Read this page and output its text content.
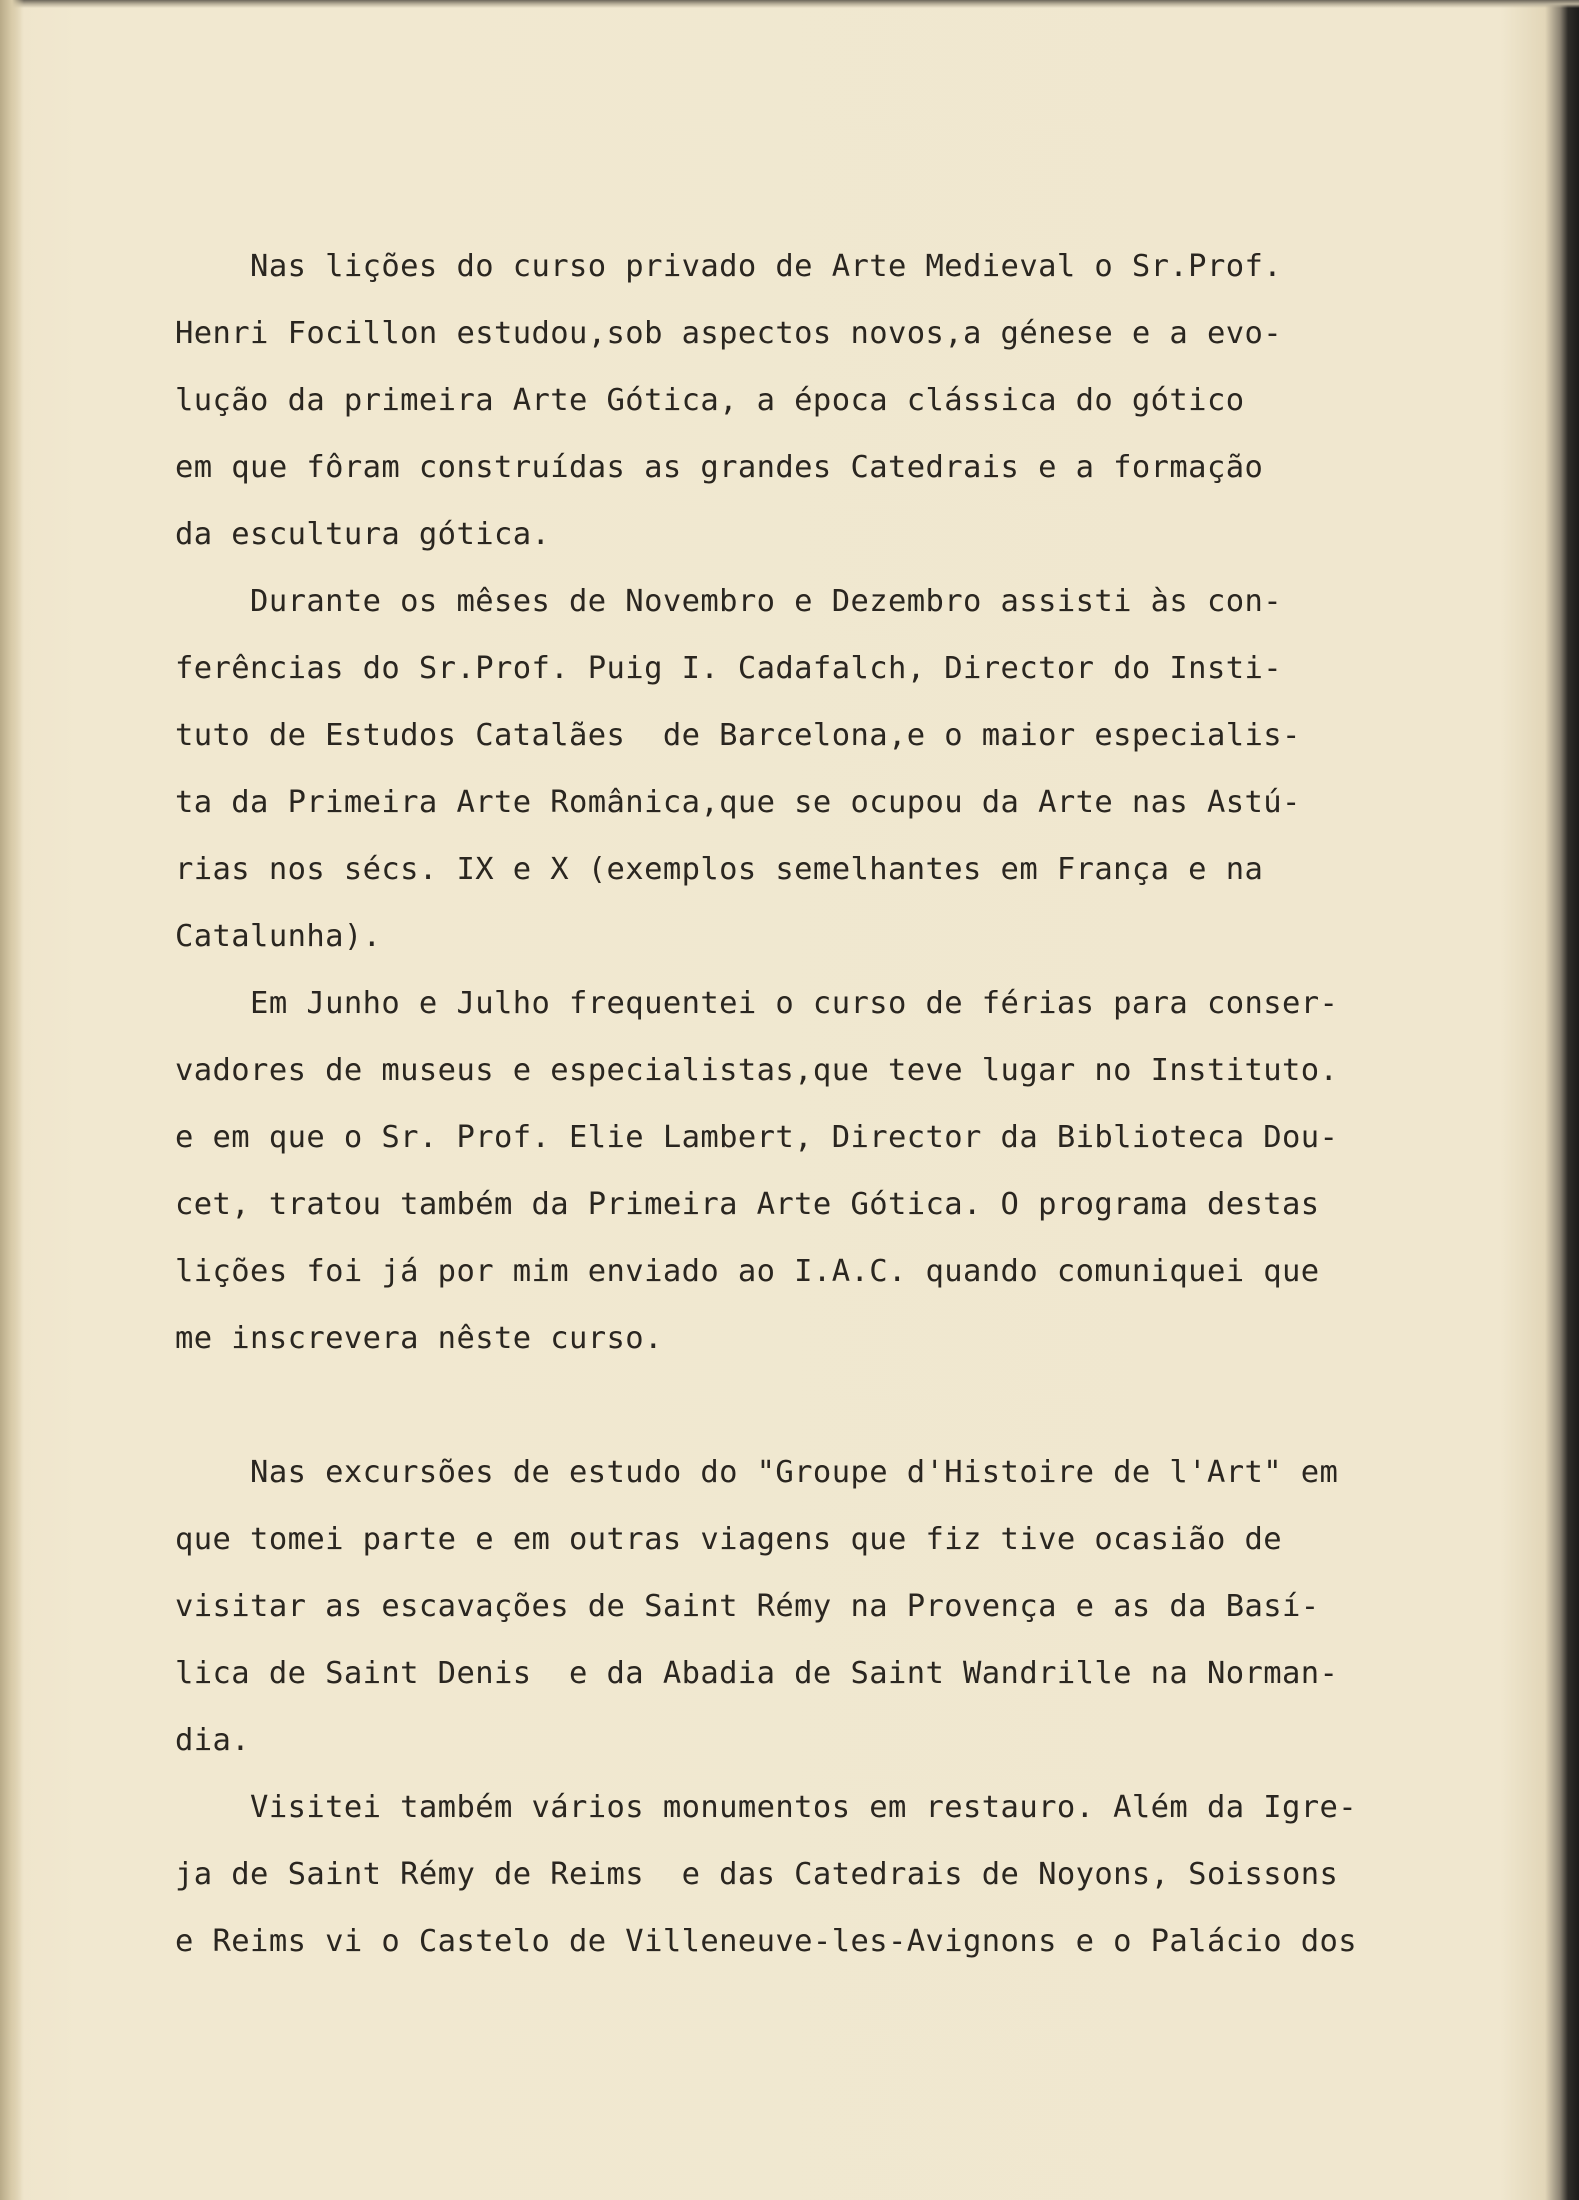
Nas lições do curso privado de Arte Medieval o Sr.Prof.
Henri Focillon estudou,sob aspectos novos,a génese e a evo-
lução da primeira Arte Gótica, a época clássica do gótico
em que fôram construídas as grandes Catedrais e a formação
da escultura gótica.
Durante os mêses de Novembro e Dezembro assisti às con-
ferências do Sr.Prof. Puig I. Cadafalch, Director do Insti-
tuto de Estudos Catalães  de Barcelona,e o maior especialis-
ta da Primeira Arte Românica,que se ocupou da Arte nas Astú-
rias nos sécs. IX e X (exemplos semelhantes em França e na
Catalunha).
Em Junho e Julho frequentei o curso de férias para conser-
vadores de museus e especialistas,que teve lugar no Instituto.
e em que o Sr. Prof. Elie Lambert, Director da Biblioteca Dou-
cet, tratou também da Primeira Arte Gótica. O programa destas
lições foi já por mim enviado ao I.A.C. quando comuniquei que
me inscrevera nêste curso.
Nas excursões de estudo do "Groupe d'Histoire de l'Art" em
que tomei parte e em outras viagens que fiz tive ocasião de
visitar as escavações de Saint Rémy na Provença e as da Basí-
lica de Saint Denis  e da Abadia de Saint Wandrille na Norman-
dia.
Visitei também vários monumentos em restauro. Além da Igre-
ja de Saint Rémy de Reims  e das Catedrais de Noyons, Soissons
e Reims vi o Castelo de Villeneuve-les-Avignons e o Palácio dos
